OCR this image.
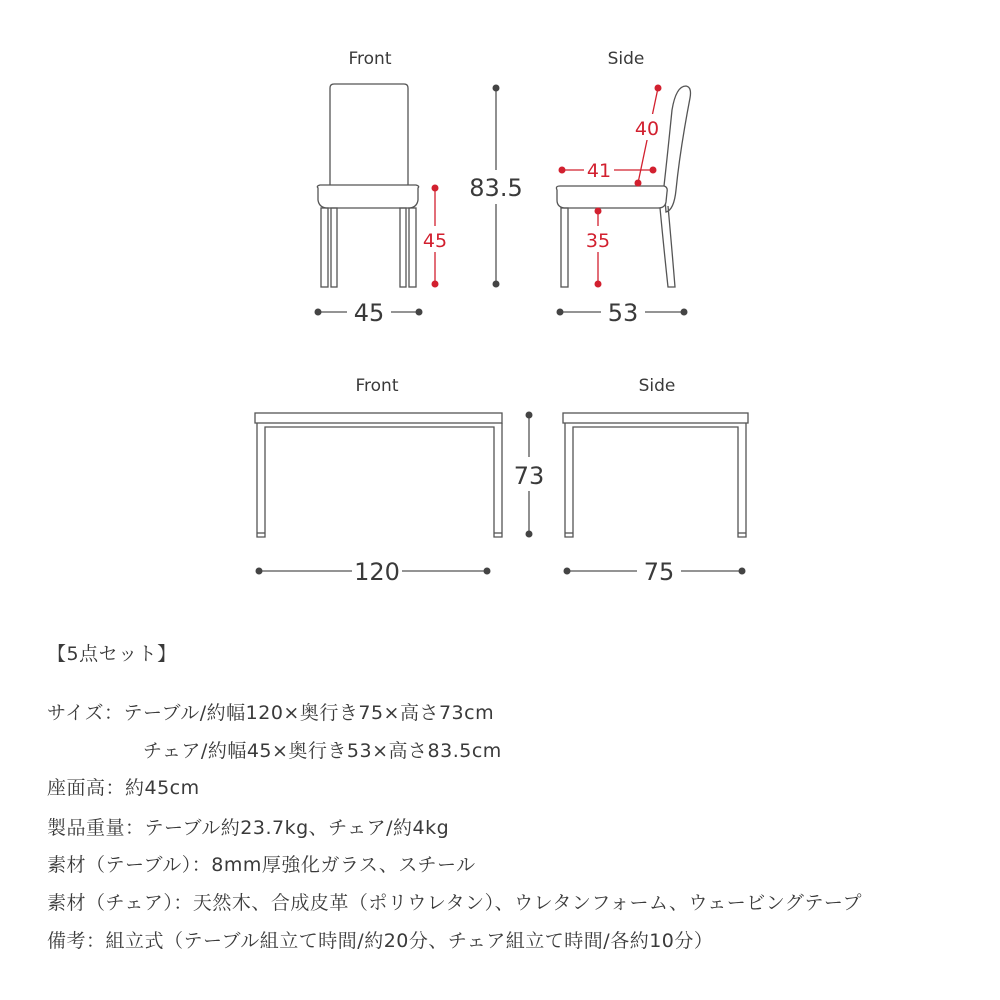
Front
45
83.5
45
Side
40
41
35
53
Front
73
120
Side
75
【5点セット】
サイズ：テーブル/約幅120×奥行き75×高さ73cm
チェア/約幅45×奥行き53×高さ83.5cm
座面高：約45cm
製品重量：テーブル約23.7kg、チェア/約4kg
素材（テーブル）：8mm厚強化ガラス、スチール
素材（チェア）：天然木、合成皮革（ポリウレタン）、ウレタンフォーム、ウェービングテープ
備考：組立式（テーブル組立て時間/約20分、チェア組立て時間/各約10分）
